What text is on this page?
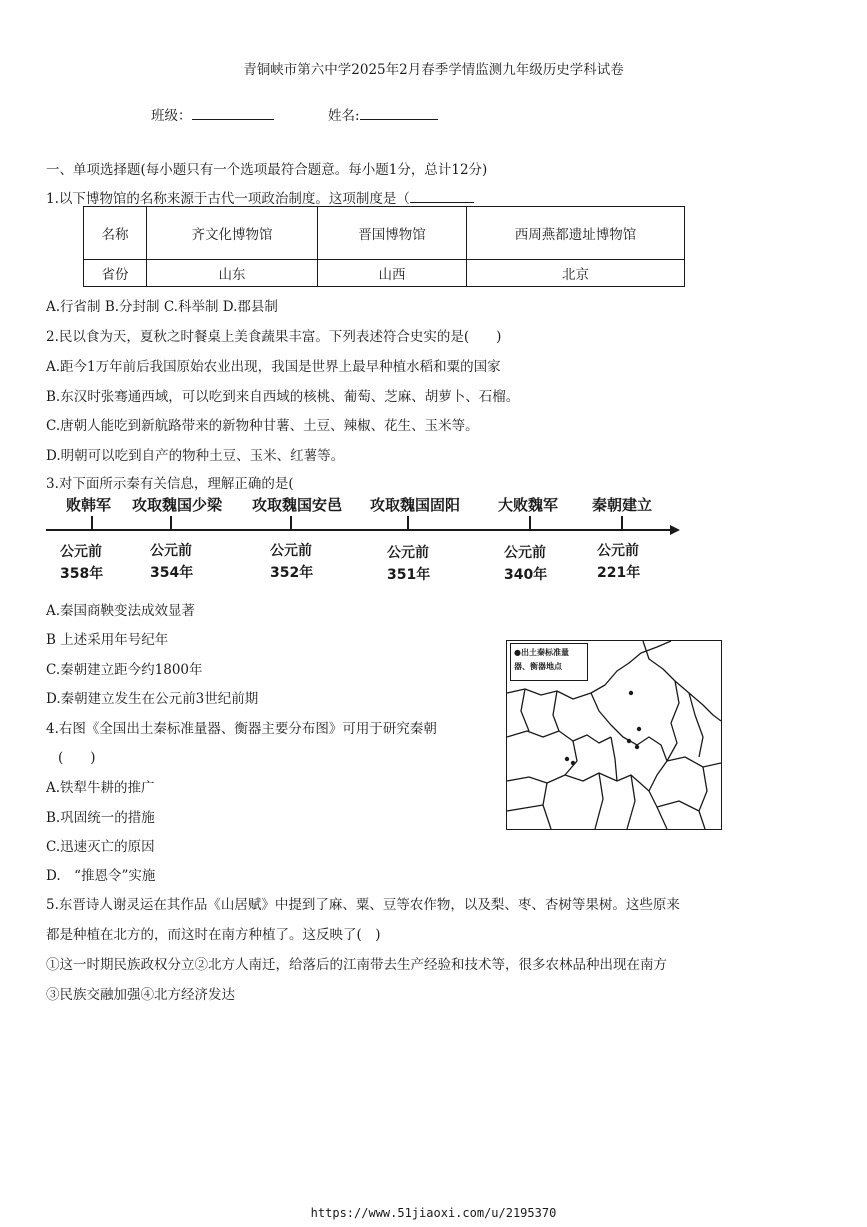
青铜峡市第六中学2025年2月春季学情监测九年级历史学科试卷
班级：	姓名:
一、单项选择题(每小题只有一个选项最符合题意。每小题1分，总计12分)
1.以下博物馆的名称来源于古代一项政治制度。这项制度是（
名称	齐文化博物馆	晋国博物馆	西周燕都遗址博物馆
省份	山东	山西	北京
A.行省制 B.分封制 C.科举制 D.郡县制
2.民以食为天，夏秋之时餐桌上美食蔬果丰富。下列表述符合史实的是(　　)
A.距今1万年前后我国原始农业出现，我国是世界上最早种植水稻和粟的国家
B.东汉时张骞通西域，可以吃到来自西域的核桃、葡萄、芝麻、胡萝卜、石榴。
C.唐朝人能吃到新航路带来的新物种甘薯、土豆、辣椒、花生、玉米等。
D.明朝可以吃到自产的物种土豆、玉米、红薯等。
3.对下面所示秦有关信息，理解正确的是(
败韩军 攻取魏国少梁 攻取魏国安邑 攻取魏国固阳	大败魏军 秦朝建立
公元前
358年
公元前
354年
公元前
352年
公元前
351年
公元前
340年
公元前
221年
A.秦国商鞅变法成效显著
B 上述采用年号纪年
C.秦朝建立距今约1800年
D.秦朝建立发生在公元前3世纪前期
4.右图《全国出土秦标准量器、衡器主要分布图》可用于研究秦朝
(　　)
●出土秦标准量器、衡器地点
A.铁犁牛耕的推广
B.巩固统一的措施
C.迅速灭亡的原因
D.　“推恩令”实施
5.东晋诗人谢灵运在其作品《山居赋》中提到了麻、粟、豆等农作物，以及梨、枣、杏树等果树。这些原来
都是种植在北方的，而这时在南方种植了。这反映了(　)
①这一时期民族政权分立②北方人南迁，给落后的江南带去生产经验和技术等，很多农林品种出现在南方
③民族交融加强④北方经济发达
https://www.51jiaoxi.com/u/2195370
